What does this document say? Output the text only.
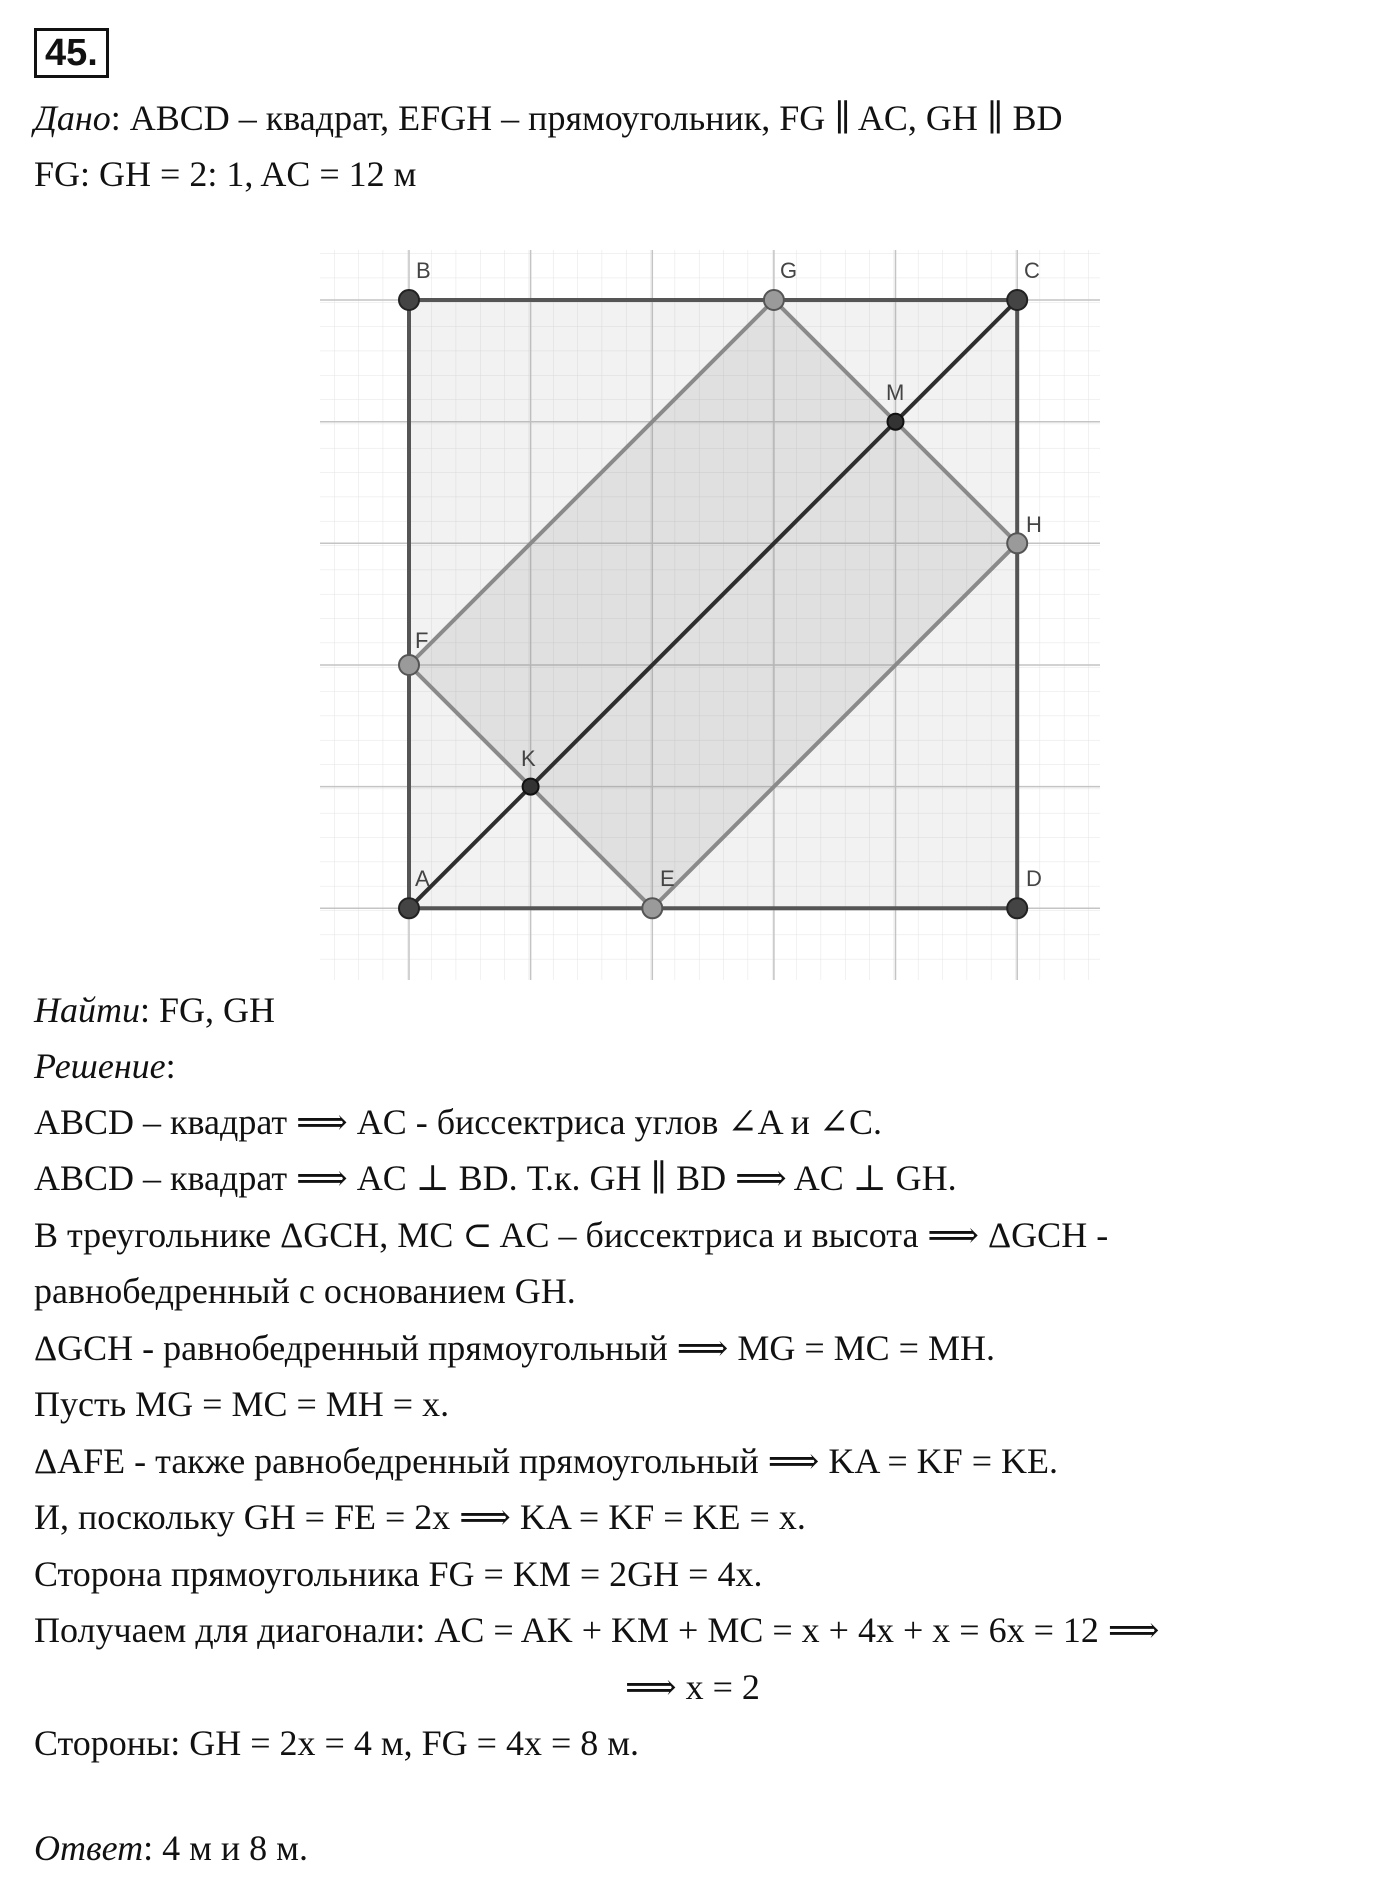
45.
Дано: ABCD – квадрат, EFGH – прямоугольник, FG ∥ AC, GH ∥ BD
FG: GH = 2: 1, AC = 12 м
B	G	C
M
H
F
K
A	E	D
Найти: FG, GH
Решение:
ABCD – квадрат ⟹ AC - биссектриса углов ∠A и ∠C.
ABCD – квадрат ⟹ AC ⊥ BD. Т.к. GH ∥ BD ⟹ AC ⊥ GH.
В треугольнике ΔGCH, MC ⊂ AC – биссектриса и высота ⟹ ΔGCH -
равнобедренный с основанием GH.
ΔGCH - равнобедренный прямоугольный ⟹ MG = MC = MH.
Пусть MG = MC = MH = x.
ΔAFE - также равнобедренный прямоугольный ⟹ KA = KF = KE.
И, поскольку GH = FE = 2x ⟹ KA = KF = KE = x.
Сторона прямоугольника FG = KM = 2GH = 4x.
Получаем для диагонали: AC = AK + KM + MC = x + 4x + x = 6x = 12 ⟹
⟹ x = 2
Стороны: GH = 2x = 4 м, FG = 4x = 8 м.
Ответ: 4 м и 8 м.
